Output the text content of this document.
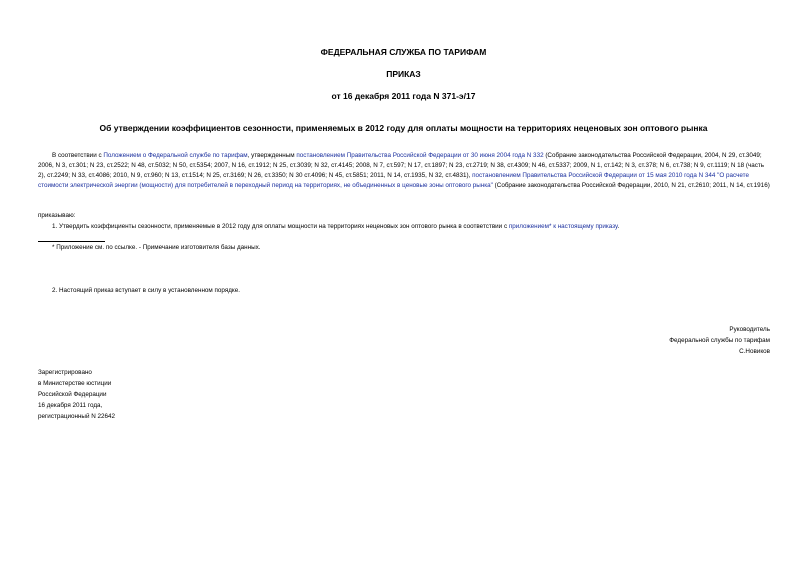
ФЕДЕРАЛЬНАЯ СЛУЖБА ПО ТАРИФАМ
ПРИКАЗ
от 16 декабря 2011 года N 371-э/17
Об утверждении коэффициентов сезонности, применяемых в 2012 году для оплаты мощности на территориях неценовых зон оптового рынка

В соответствии с Положением о Федеральной службе по тарифам, утвержденным постановлением Правительства Российской Федерации от 30 июня 2004 года N 332 (Собрание законодательства Российской Федерации, 2004, N 29, ст.3049; 2006, N 3, ст.301; N 23, ст.2522; N 48, ст.5032; N 50, ст.5354; 2007, N 16, ст.1912; N 25, ст.3039; N 32, ст.4145; 2008, N 7, ст.597; N 17, ст.1897; N 23, ст.2719; N 38, ст.4309; N 46, ст.5337; 2009, N 1, ст.142; N 3, ст.378; N 6, ст.738; N 9, ст.1119; N 18 (часть 2), ст.2249; N 33, ст.4086; 2010, N 9, ст.960; N 13, ст.1514; N 25, ст.3169; N 26, ст.3350; N 30 ст.4096; N 45, ст.5851; 2011, N 14, ст.1935, N 32, ст.4831), постановлением Правительства Российской Федерации от 15 мая 2010 года N 344 "О расчете стоимости электрической энергии (мощности) для потребителей в переходный период на территориях, не объединенных в ценовые зоны оптового рынка" (Собрание законодательства Российской Федерации, 2010, N 21, ст.2610; 2011, N 14, ст.1916)

приказываю:

1. Утвердить коэффициенты сезонности, применяемые в 2012 году для оплаты мощности на территориях неценовых зон оптового рынка в соответствии с приложением* к настоящему приказу.

* Приложение см. по ссылке. - Примечание изготовителя базы данных.

2. Настоящий приказ вступает в силу в установленном порядке.

Руководитель
Федеральной службы по тарифам
С.Новиков
Зарегистрировано
в Министерстве юстиции
Российской Федерации
16 декабря 2011 года,
регистрационный N 22642
